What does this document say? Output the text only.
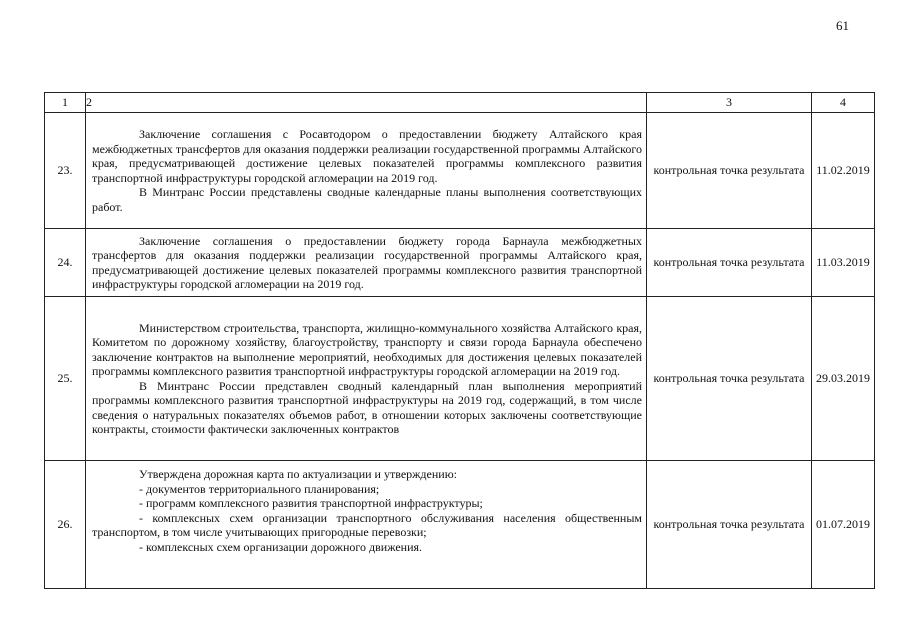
61
1	2	3	4
23.	Заключение соглашения с Росавтодором о предоставлении бюджету Алтайского края межбюджетных трансфертов для оказания поддержки реализации государственной программы Алтайского края, предусматривающей достижение целевых показателей программы комплексного развития транспортной инфраструктуры городской агломерации на 2019 год.

В Минтранс России представлены сводные календарные планы выполнения соответствующих работ.	контрольная точка результата	11.02.2019
24.	Заключение соглашения о предоставлении бюджету города Барнаула межбюджетных трансфертов для оказания поддержки реализации государственной программы Алтайского края, предусматривающей достижение целевых показателей программы комплексного развития транспортной инфраструктуры городской агломерации на 2019 год.	контрольная точка результата	11.03.2019
25.	Министерством строительства, транспорта, жилищно-коммунального хозяйства Алтайского края, Комитетом по дорожному хозяйству, благоустройству, транспорту и связи города Барнаула обеспечено заключение контрактов на выполнение мероприятий, необходимых для достижения целевых показателей программы комплексного развития транспортной инфраструктуры городской агломерации на 2019 год.

В Минтранс России представлен сводный календарный план выполнения мероприятий программы комплексного развития транспортной инфраструктуры на 2019 год, содержащий, в том числе сведения о натуральных показателях объемов работ, в отношении которых заключены соответствующие контракты, стоимости фактически заключенных контрактов	контрольная точка результата	29.03.2019
26.	Утверждена дорожная карта по актуализации и утверждению:

- документов территориального планирования;

- программ комплексного развития транспортной инфраструктуры;

- комплексных схем организации транспортного обслуживания населения общественным транспортом, в том числе учитывающих пригородные перевозки;

- комплексных схем организации дорожного движения.	контрольная точка результата	01.07.2019
